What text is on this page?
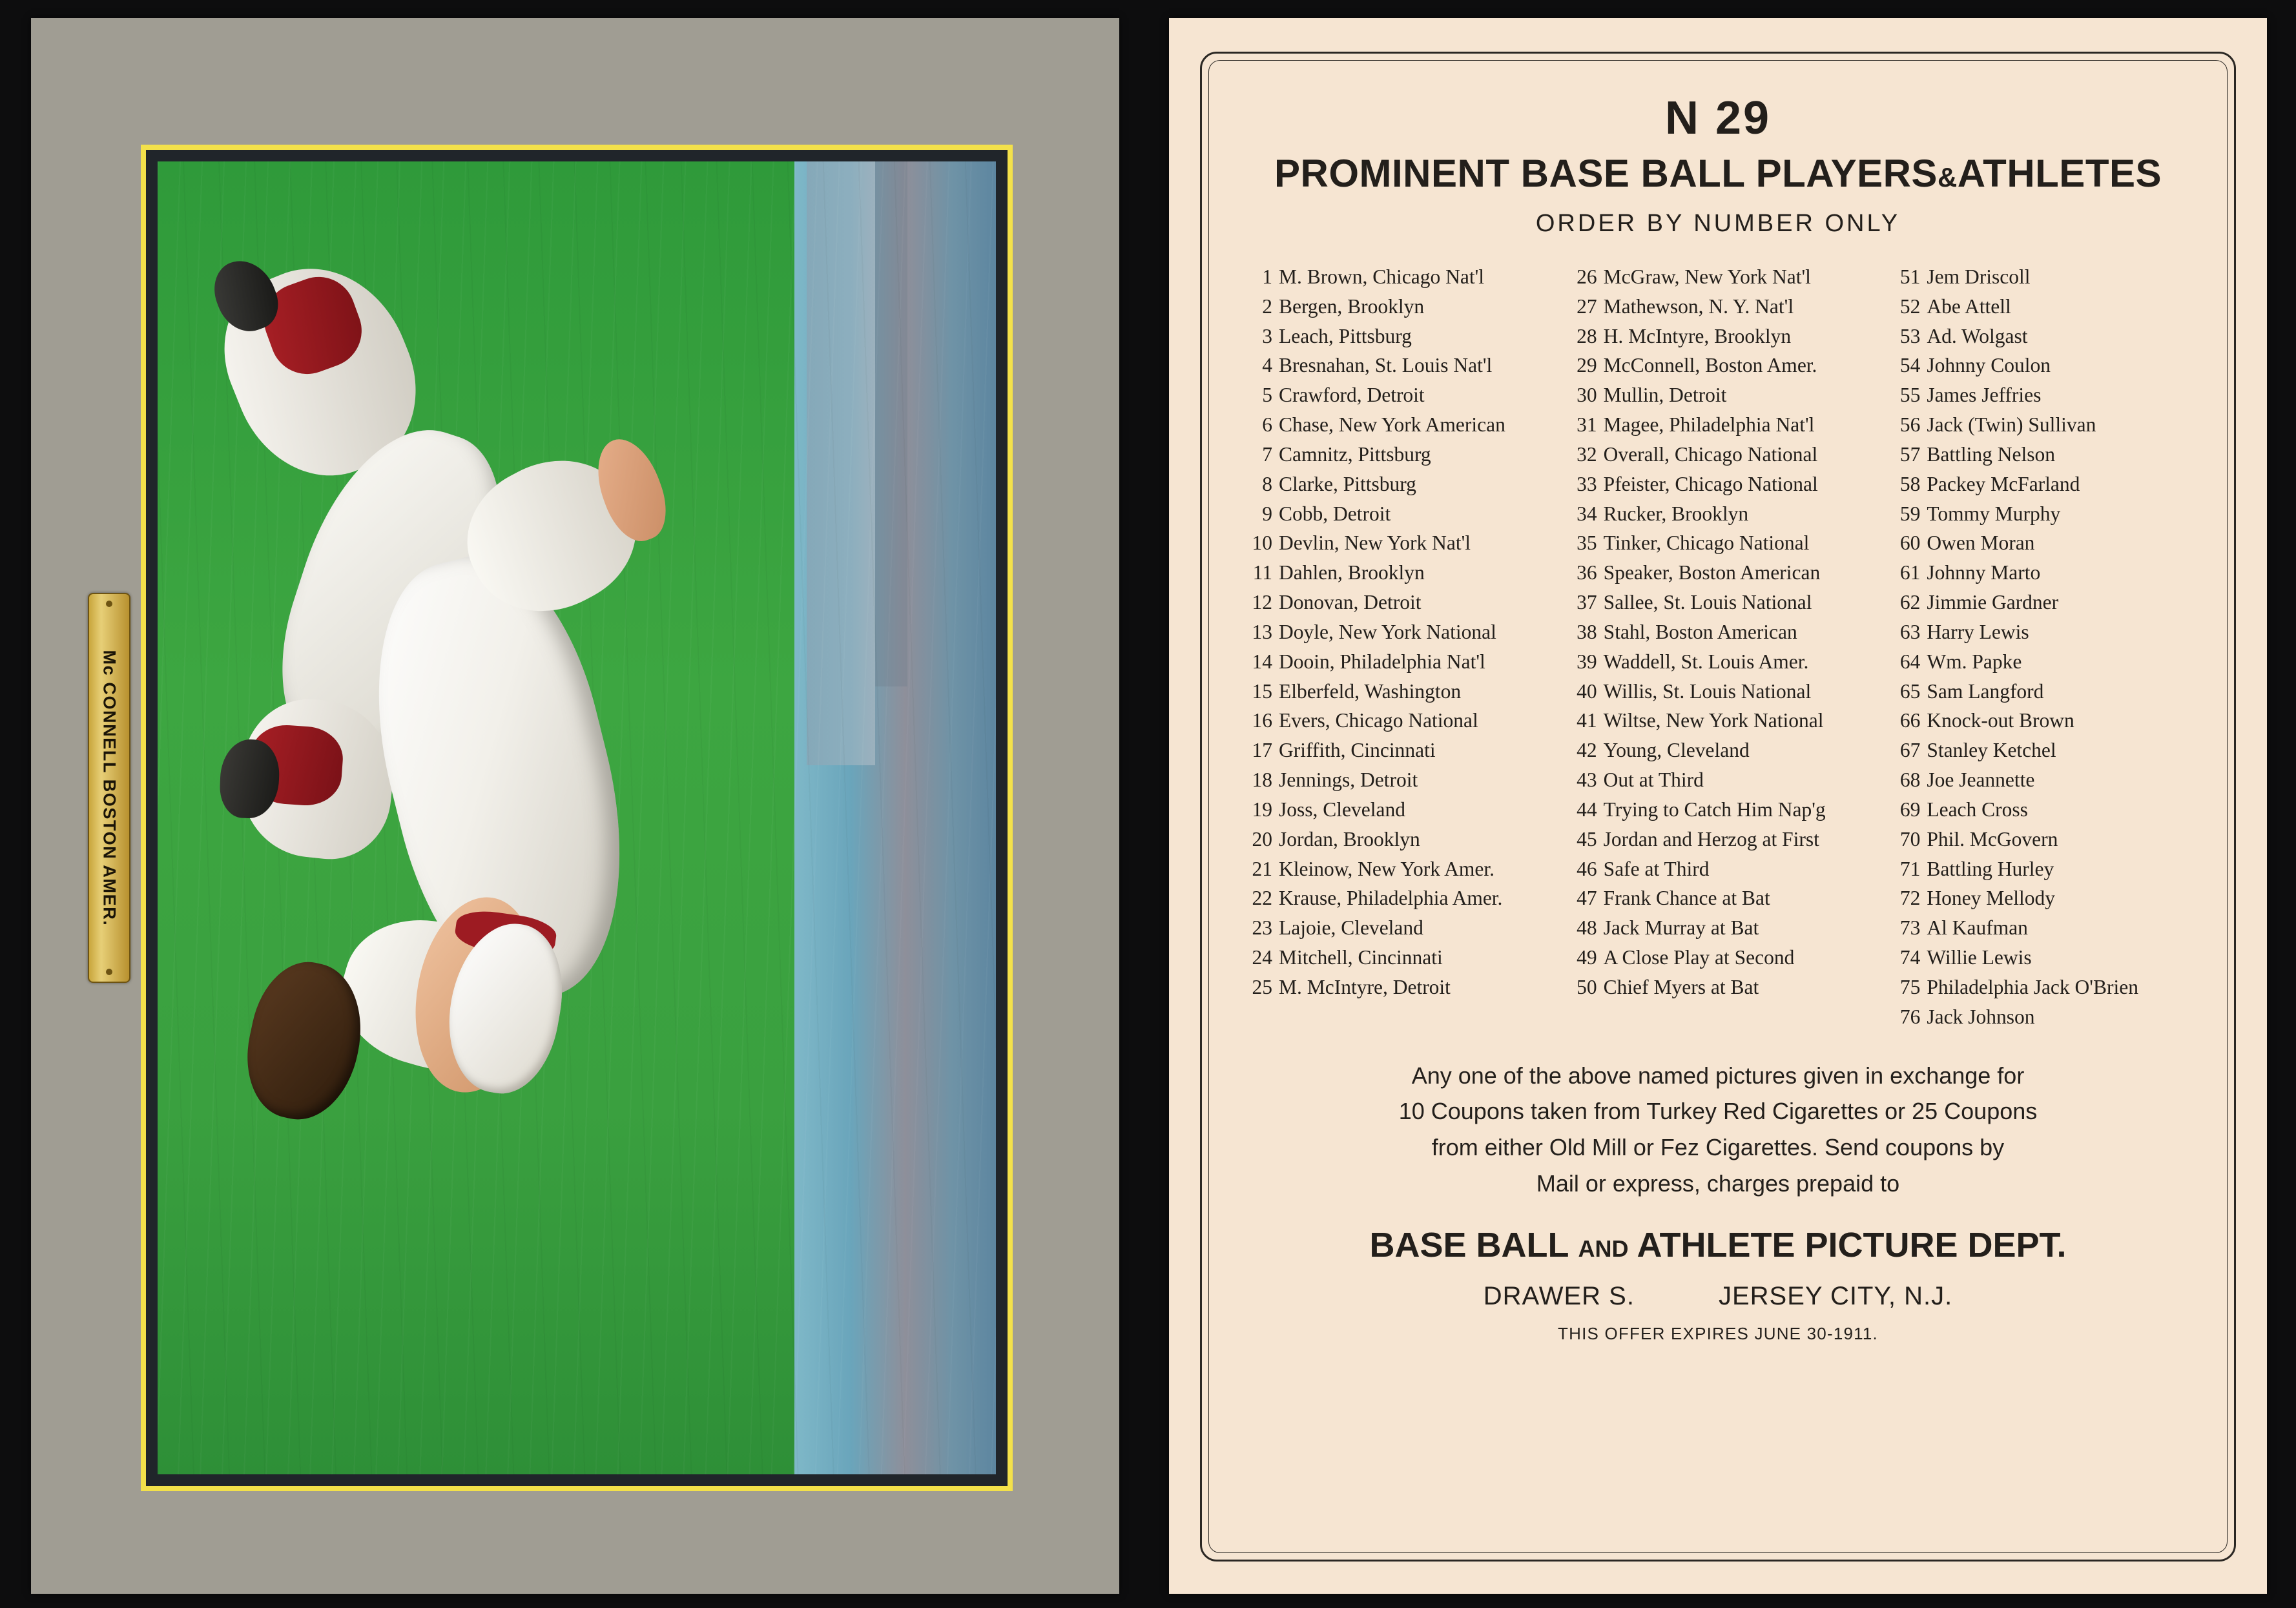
Mc CONNELL BOSTON AMER.
N 29
PROMINENT BASE BALL PLAYERS&ATHLETES
ORDER BY NUMBER ONLY
1 M. Brown, Chicago Nat'l
2 Bergen, Brooklyn
3 Leach, Pittsburg
4 Bresnahan, St. Louis Nat'l
5 Crawford, Detroit
6 Chase, New York American
7 Camnitz, Pittsburg
8 Clarke, Pittsburg
9 Cobb, Detroit
10 Devlin, New York Nat'l
11 Dahlen, Brooklyn
12 Donovan, Detroit
13 Doyle, New York National
14 Dooin, Philadelphia Nat'l
15 Elberfeld, Washington
16 Evers, Chicago National
17 Griffith, Cincinnati
18 Jennings, Detroit
19 Joss, Cleveland
20 Jordan, Brooklyn
21 Kleinow, New York Amer.
22 Krause, Philadelphia Amer.
23 Lajoie, Cleveland
24 Mitchell, Cincinnati
25 M. McIntyre, Detroit
26 McGraw, New York Nat'l
27 Mathewson, N. Y. Nat'l
28 H. McIntyre, Brooklyn
29 McConnell, Boston Amer.
30 Mullin, Detroit
31 Magee, Philadelphia Nat'l
32 Overall, Chicago National
33 Pfeister, Chicago National
34 Rucker, Brooklyn
35 Tinker, Chicago National
36 Speaker, Boston American
37 Sallee, St. Louis National
38 Stahl, Boston American
39 Waddell, St. Louis Amer.
40 Willis, St. Louis National
41 Wiltse, New York National
42 Young, Cleveland
43 Out at Third
44 Trying to Catch Him Nap'g
45 Jordan and Herzog at First
46 Safe at Third
47 Frank Chance at Bat
48 Jack Murray at Bat
49 A Close Play at Second
50 Chief Myers at Bat
51 Jem Driscoll
52 Abe Attell
53 Ad. Wolgast
54 Johnny Coulon
55 James Jeffries
56 Jack (Twin) Sullivan
57 Battling Nelson
58 Packey McFarland
59 Tommy Murphy
60 Owen Moran
61 Johnny Marto
62 Jimmie Gardner
63 Harry Lewis
64 Wm. Papke
65 Sam Langford
66 Knock-out Brown
67 Stanley Ketchel
68 Joe Jeannette
69 Leach Cross
70 Phil. McGovern
71 Battling Hurley
72 Honey Mellody
73 Al Kaufman
74 Willie Lewis
75 Philadelphia Jack O'Brien
76 Jack Johnson
Any one of the above named pictures given in exchange for
10 Coupons taken from Turkey Red Cigarettes or 25 Coupons
from either Old Mill or Fez Cigarettes. Send coupons by
Mail or express, charges prepaid to
BASE BALL AND ATHLETE PICTURE DEPT.
DRAWER S.	JERSEY CITY, N.J.
THIS OFFER EXPIRES JUNE 30-1911.
